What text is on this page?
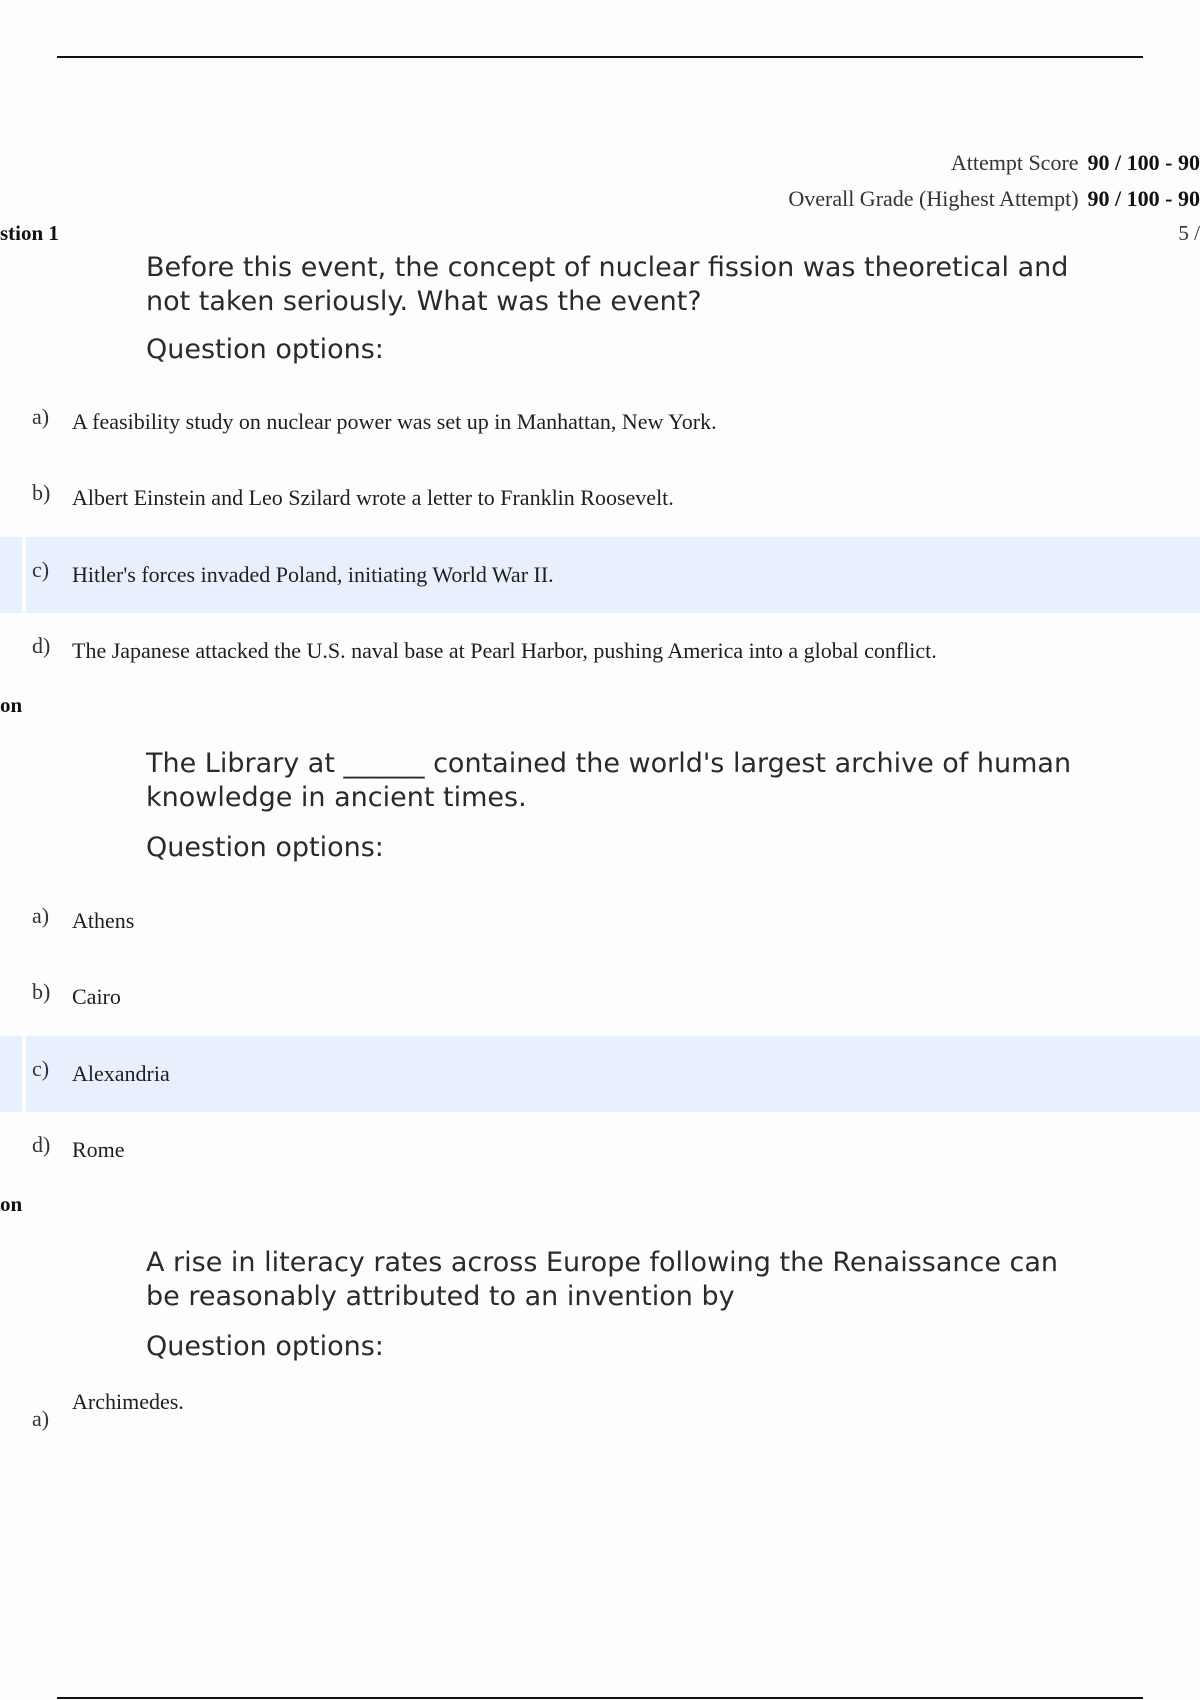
Attempt Score 90 / 100 - 90
Overall Grade (Highest Attempt) 90 / 100 - 90
stion 1	5 /

Before this event, the concept of nuclear fission was theoretical and not taken seriously. What was the event?

Question options:

a) A feasibility study on nuclear power was set up in Manhattan, New York.
b) Albert Einstein and Leo Szilard wrote a letter to Franklin Roosevelt.
c) Hitler's forces invaded Poland, initiating World War II.
d) The Japanese attacked the U.S. naval base at Pearl Harbor, pushing America into a global conflict.
on

The Library at ______ contained the world's largest archive of human knowledge in ancient times.

Question options:

a) Athens
b) Cairo
c) Alexandria
d) Rome
on

A rise in literacy rates across Europe following the Renaissance can be reasonably attributed to an invention by

Question options:

a)
Archimedes.
